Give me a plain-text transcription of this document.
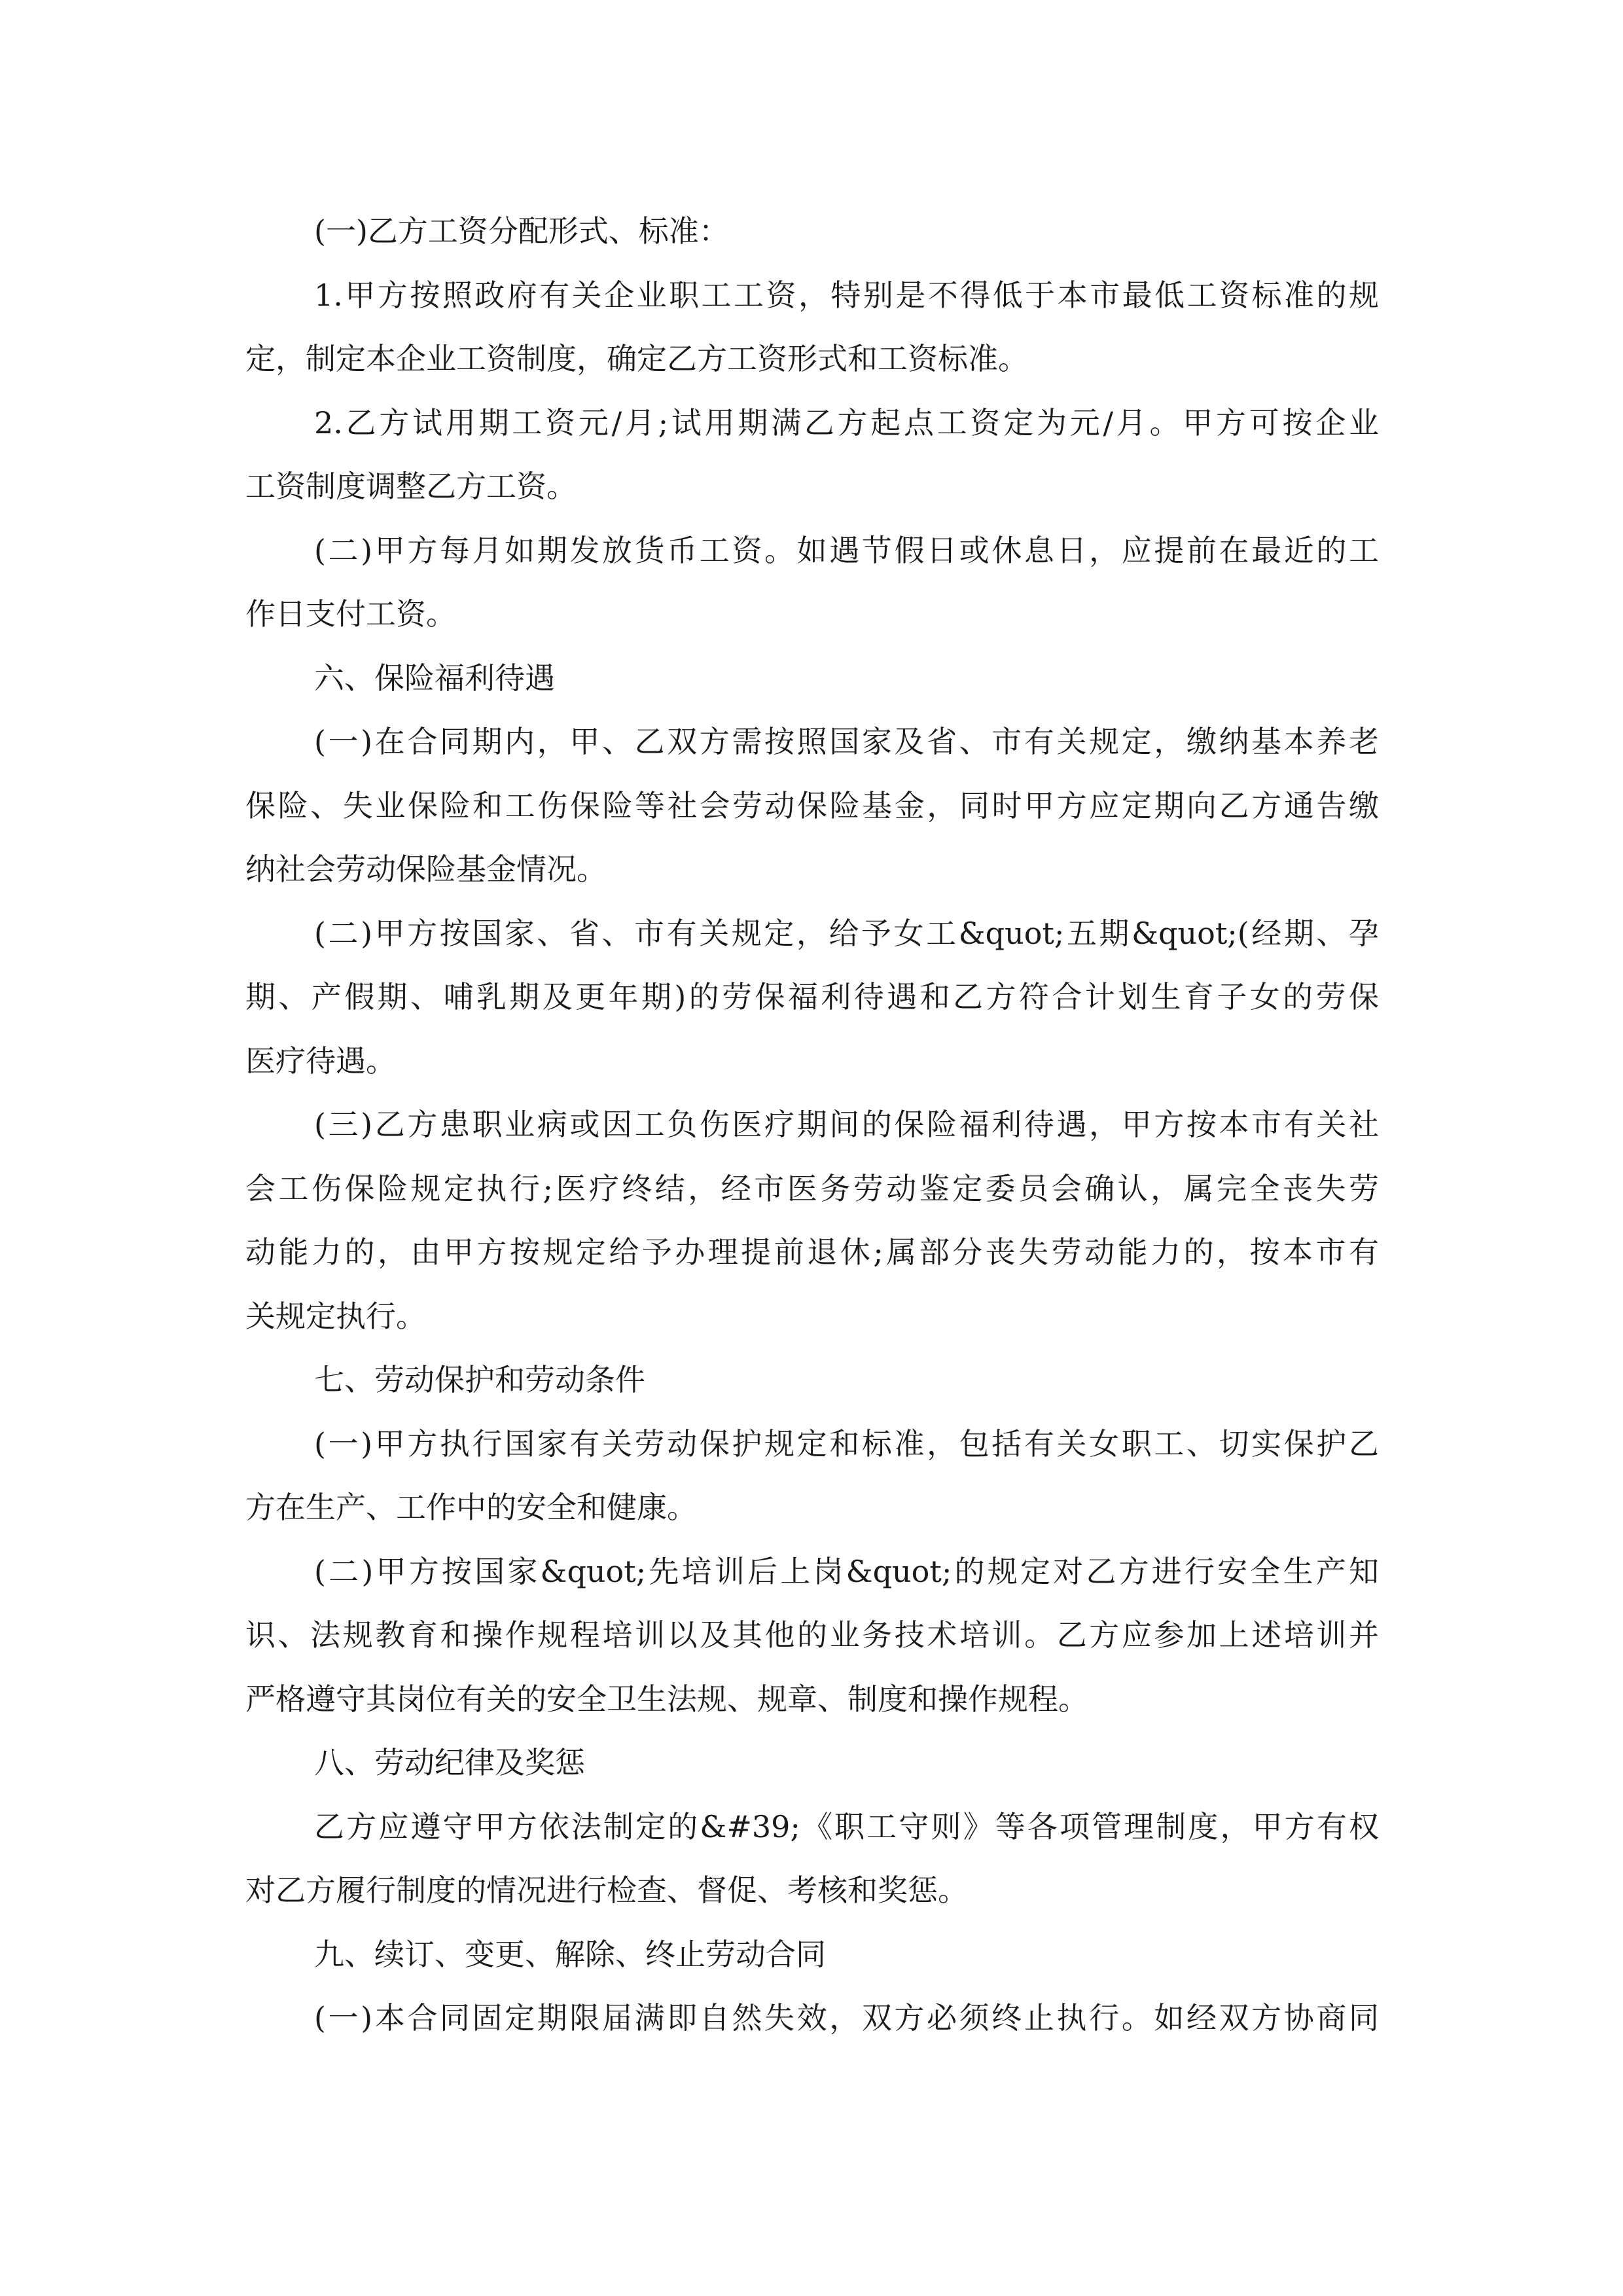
(一)乙方工资分配形式、标准：
1.甲方按照政府有关企业职工工资，特别是不得低于本市最低工资标准的规
定，制定本企业工资制度，确定乙方工资形式和工资标准。
2.乙方试用期工资元/月;试用期满乙方起点工资定为元/月。甲方可按企业
工资制度调整乙方工资。
(二)甲方每月如期发放货币工资。如遇节假日或休息日，应提前在最近的工
作日支付工资。
六、保险福利待遇
(一)在合同期内，甲、乙双方需按照国家及省、市有关规定，缴纳基本养老
保险、失业保险和工伤保险等社会劳动保险基金，同时甲方应定期向乙方通告缴
纳社会劳动保险基金情况。
(二)甲方按国家、省、市有关规定，给予女工&quot;五期&quot;(经期、孕
期、产假期、哺乳期及更年期)的劳保福利待遇和乙方符合计划生育子女的劳保
医疗待遇。
(三)乙方患职业病或因工负伤医疗期间的保险福利待遇，甲方按本市有关社
会工伤保险规定执行;医疗终结，经市医务劳动鉴定委员会确认，属完全丧失劳
动能力的，由甲方按规定给予办理提前退休;属部分丧失劳动能力的，按本市有
关规定执行。
七、劳动保护和劳动条件
(一)甲方执行国家有关劳动保护规定和标准，包括有关女职工、切实保护乙
方在生产、工作中的安全和健康。
(二)甲方按国家&quot;先培训后上岗&quot;的规定对乙方进行安全生产知
识、法规教育和操作规程培训以及其他的业务技术培训。乙方应参加上述培训并
严格遵守其岗位有关的安全卫生法规、规章、制度和操作规程。
八、劳动纪律及奖惩
乙方应遵守甲方依法制定的&#39;《职工守则》等各项管理制度，甲方有权
对乙方履行制度的情况进行检查、督促、考核和奖惩。
九、续订、变更、解除、终止劳动合同
(一)本合同固定期限届满即自然失效，双方必须终止执行。如经双方协商同
